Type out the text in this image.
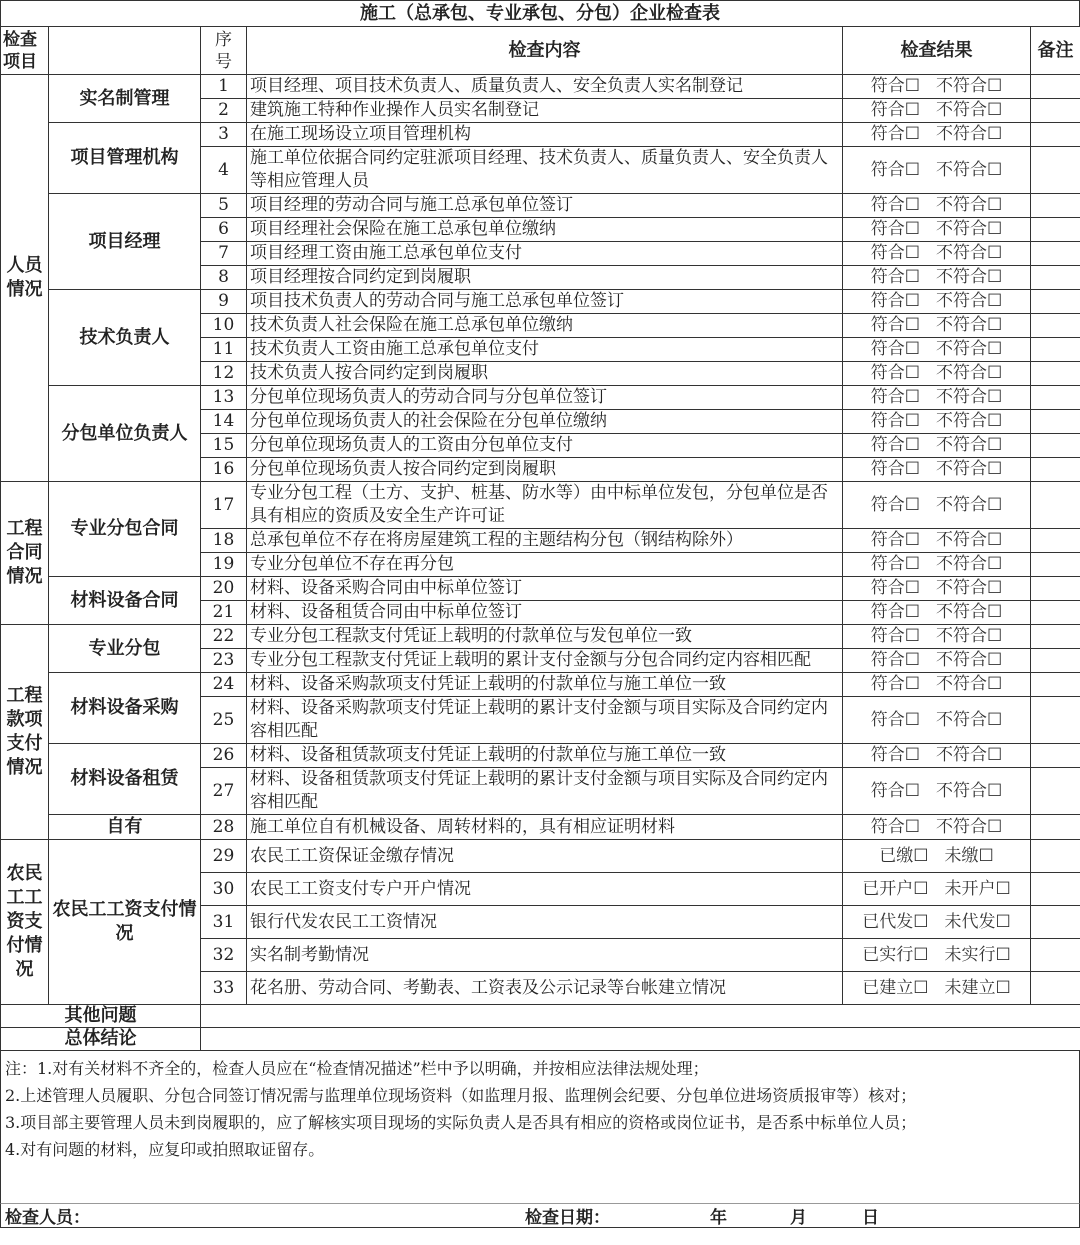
施工（总承包、专业承包、分包）企业检查表
检查项目		序号	检查内容	检查结果	备注
人员情况	实名制管理	1	项目经理、项目技术负责人、质量负责人、安全负责人实名制登记	符合☐ 不符合☐	
		2	建筑施工特种作业操作人员实名制登记	符合☐ 不符合☐	
	项目管理机构	3	在施工现场设立项目管理机构	符合☐ 不符合☐	
		4	施工单位依据合同约定驻派项目经理、技术负责人、质量负责人、安全负责人等相应管理人员	符合☐ 不符合☐	
	项目经理	5	项目经理的劳动合同与施工总承包单位签订	符合☐ 不符合☐	
		6	项目经理社会保险在施工总承包单位缴纳	符合☐ 不符合☐	
		7	项目经理工资由施工总承包单位支付	符合☐ 不符合☐	
		8	项目经理按合同约定到岗履职	符合☐ 不符合☐	
	技术负责人	9	项目技术负责人的劳动合同与施工总承包单位签订	符合☐ 不符合☐	
		10	技术负责人社会保险在施工总承包单位缴纳	符合☐ 不符合☐	
		11	技术负责人工资由施工总承包单位支付	符合☐ 不符合☐	
		12	技术负责人按合同约定到岗履职	符合☐ 不符合☐	
	分包单位负责人	13	分包单位现场负责人的劳动合同与分包单位签订	符合☐ 不符合☐	
		14	分包单位现场负责人的社会保险在分包单位缴纳	符合☐ 不符合☐	
		15	分包单位现场负责人的工资由分包单位支付	符合☐ 不符合☐	
		16	分包单位现场负责人按合同约定到岗履职	符合☐ 不符合☐	
工程合同情况	专业分包合同	17	专业分包工程（土方、支护、桩基、防水等）由中标单位发包，分包单位是否具有相应的资质及安全生产许可证	符合☐ 不符合☐	
		18	总承包单位不存在将房屋建筑工程的主题结构分包（钢结构除外）	符合☐ 不符合☐	
		19	专业分包单位不存在再分包	符合☐ 不符合☐	
	材料设备合同	20	材料、设备采购合同由中标单位签订	符合☐ 不符合☐	
		21	材料、设备租赁合同由中标单位签订	符合☐ 不符合☐	
工程款项支付情况	专业分包	22	专业分包工程款支付凭证上载明的付款单位与发包单位一致	符合☐ 不符合☐	
		23	专业分包工程款支付凭证上载明的累计支付金额与分包合同约定内容相匹配	符合☐ 不符合☐	
	材料设备采购	24	材料、设备采购款项支付凭证上载明的付款单位与施工单位一致	符合☐ 不符合☐	
		25	材料、设备采购款项支付凭证上载明的累计支付金额与项目实际及合同约定内容相匹配	符合☐ 不符合☐	
	材料设备租赁	26	材料、设备租赁款项支付凭证上载明的付款单位与施工单位一致	符合☐ 不符合☐	
		27	材料、设备租赁款项支付凭证上载明的累计支付金额与项目实际及合同约定内容相匹配	符合☐ 不符合☐	
	自有	28	施工单位自有机械设备、周转材料的，具有相应证明材料	符合☐ 不符合☐	
农民工工资支付情况	农民工工资支付情况	29	农民工工资保证金缴存情况	已缴☐ 未缴☐	
		30	农民工工资支付专户开户情况	已开户☐ 未开户☐	
		31	银行代发农民工工资情况	已代发☐ 未代发☐	
		32	实名制考勤情况	已实行☐ 未实行☐	
		33	花名册、劳动合同、考勤表、工资表及公示记录等台帐建立情况	已建立☐ 未建立☐	
其他问题					
总体结论					
注：1.对有关材料不齐全的，检查人员应在“检查情况描述”栏中予以明确，并按相应法律法规处理；
2.上述管理人员履职、分包合同签订情况需与监理单位现场资料（如监理月报、监理例会纪要、分包单位进场资质报审等）核对；
3.项目部主要管理人员未到岗履职的，应了解核实项目现场的实际负责人是否具有相应的资格或岗位证书，是否系中标单位人员；
4.对有问题的材料，应复印或拍照取证留存。
检查人员：	检查日期：	年	月	日
